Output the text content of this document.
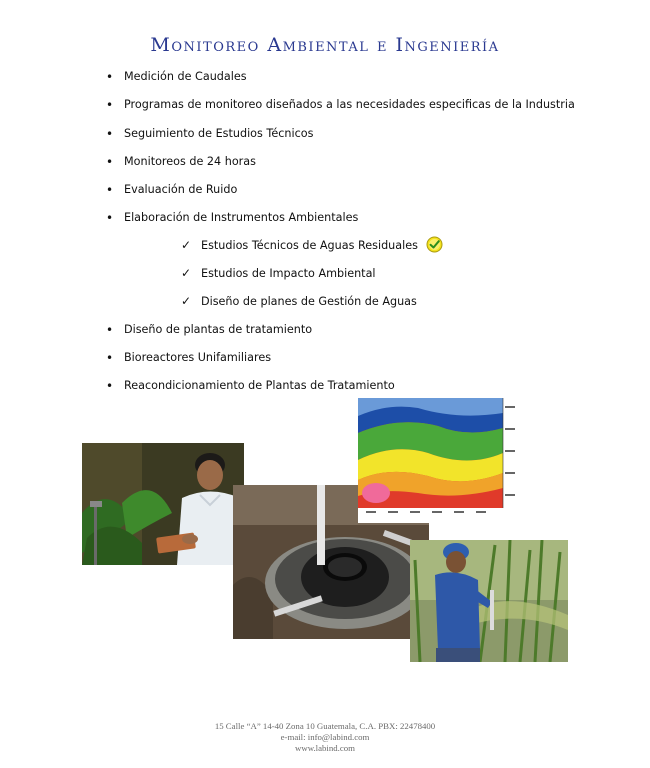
Monitoreo Ambiental e Ingeniería
• Medición de Caudales
• Programas de monitoreo diseñados a las necesidades especificas de la Industria
• Seguimiento de Estudios Técnicos
• Monitoreos de 24 horas
• Evaluación de Ruido
• Elaboración de Instrumentos Ambientales
✓ Estudios Técnicos de Aguas Residuales
✓ Estudios de Impacto Ambiental
✓ Diseño de planes de Gestión de Aguas
• Diseño de plantas de tratamiento
• Bioreactores Unifamiliares
• Reacondicionamiento de Plantas de Tratamiento
15 Calle “A” 14-40 Zona 10 Guatemala, C.A. PBX: 22478400
e-mail: info@labind.com
www.labind.com
